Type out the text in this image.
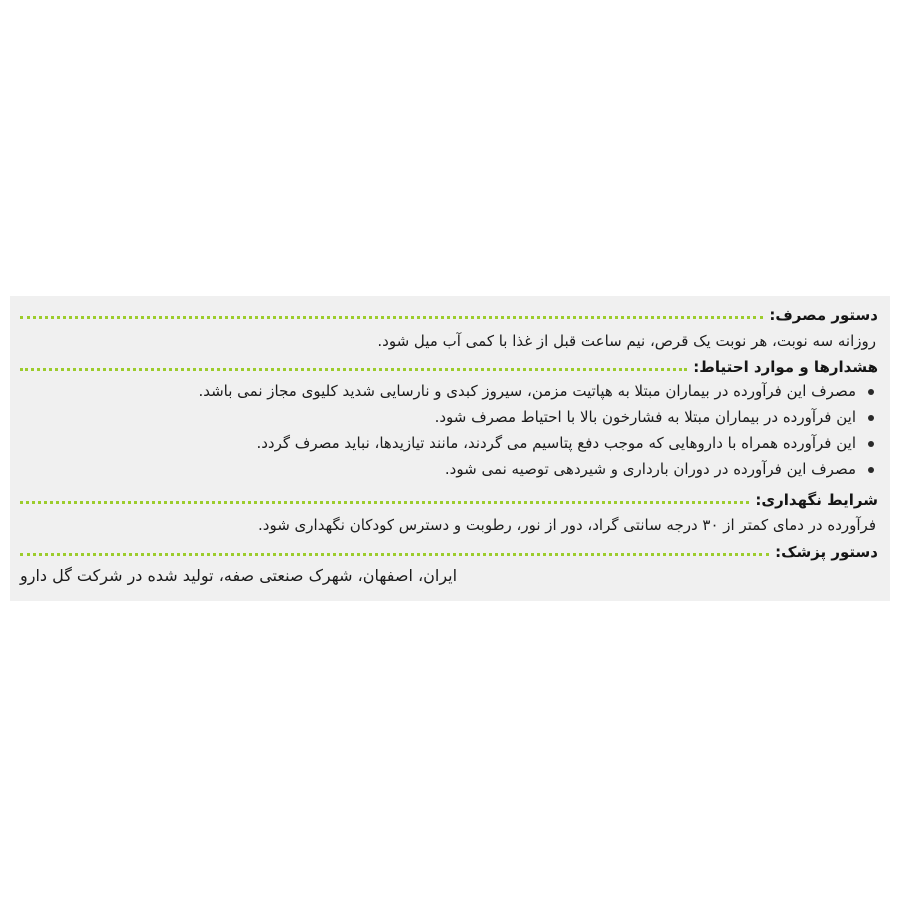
دستور مصرف:
روزانه سه نوبت، هر نوبت یک قرص، نیم ساعت قبل از غذا با کمی آب میل شود.
هشدارها و موارد احتیاط:
مصرف این فرآورده در بیماران مبتلا به هپاتیت مزمن، سیروز کبدی و نارسایی شدید کلیوی مجاز نمی باشد.
این فرآورده در بیماران مبتلا به فشارخون بالا با احتیاط مصرف شود.
این فرآورده همراه با داروهایی که موجب دفع پتاسیم می گردند، مانند تیازیدها، نباید مصرف گردد.
مصرف این فرآورده در دوران بارداری و شیردهی توصیه نمی شود.
شرایط نگهداری:
فرآورده در دمای کمتر از ۳۰ درجه سانتی گراد، دور از نور، رطوبت و دسترس کودکان نگهداری شود.
دستور پزشک:
ایران، اصفهان، شهرک صنعتی صفه، تولید شده در شرکت گل دارو
